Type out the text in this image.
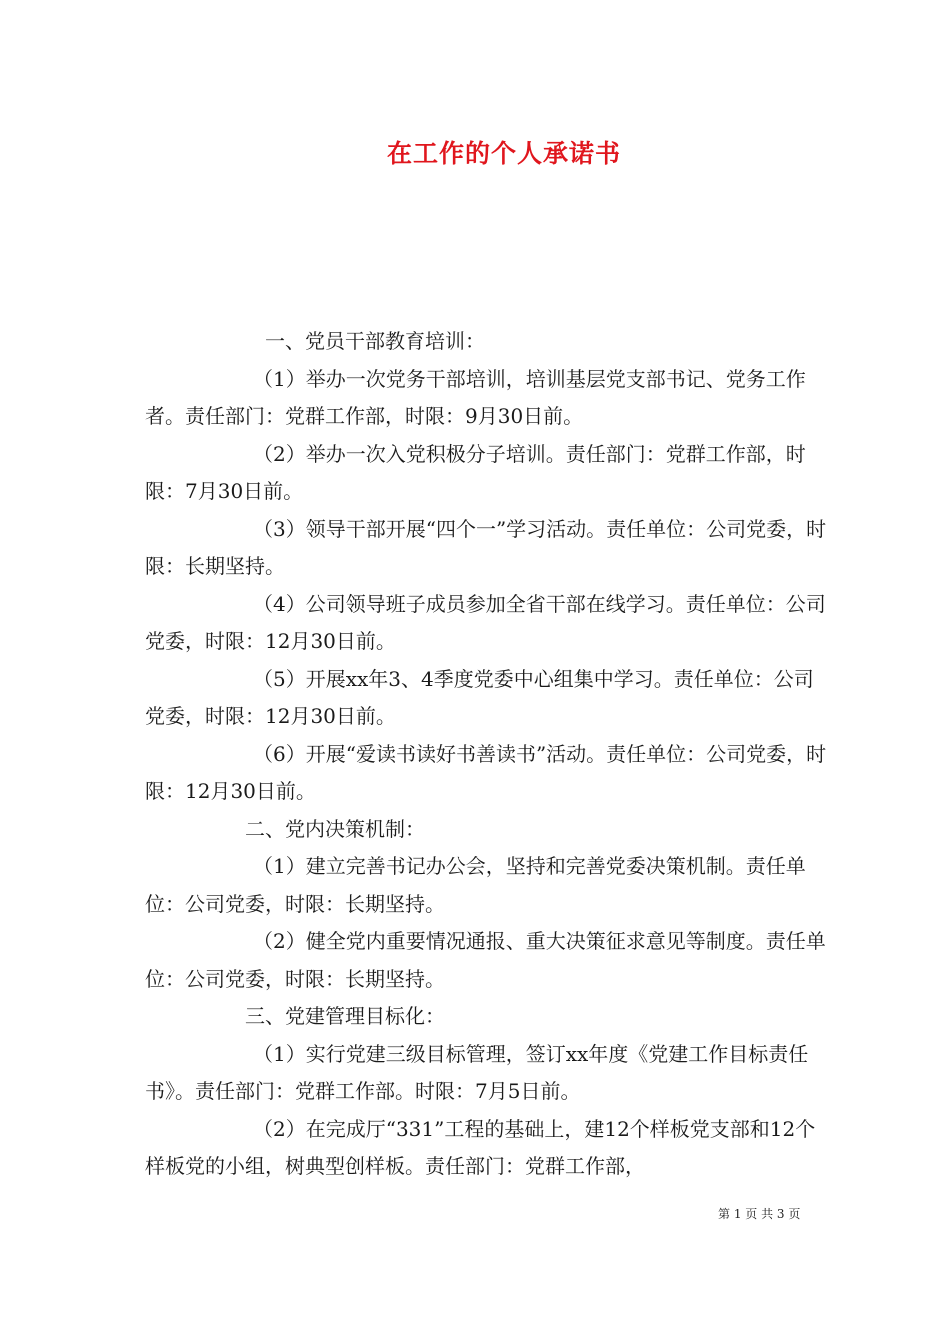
在工作的个人承诺书

一、党员干部教育培训：

（1）举办一次党务干部培训，培训基层党支部书记、党务工作者。责任部门：党群工作部，时限：9月30日前。

（2）举办一次入党积极分子培训。责任部门：党群工作部，时限：7月30日前。

（3）领导干部开展“四个一”学习活动。责任单位：公司党委，时限：长期坚持。

（4）公司领导班子成员参加全省干部在线学习。责任单位：公司党委，时限：12月30日前。

（5）开展xx年3、4季度党委中心组集中学习。责任单位：公司党委，时限：12月30日前。

（6）开展“爱读书读好书善读书”活动。责任单位：公司党委，时限：12月30日前。

二、党内决策机制：

（1）建立完善书记办公会，坚持和完善党委决策机制。责任单位：公司党委，时限：长期坚持。

（2）健全党内重要情况通报、重大决策征求意见等制度。责任单位：公司党委，时限：长期坚持。

三、党建管理目标化：

（1）实行党建三级目标管理，签订xx年度《党建工作目标责任书》。责任部门：党群工作部。时限：7月5日前。

（2）在完成厅“331”工程的基础上，建12个样板党支部和12个样板党的小组，树典型创样板。责任部门：党群工作部，

第 1 页 共 3 页
